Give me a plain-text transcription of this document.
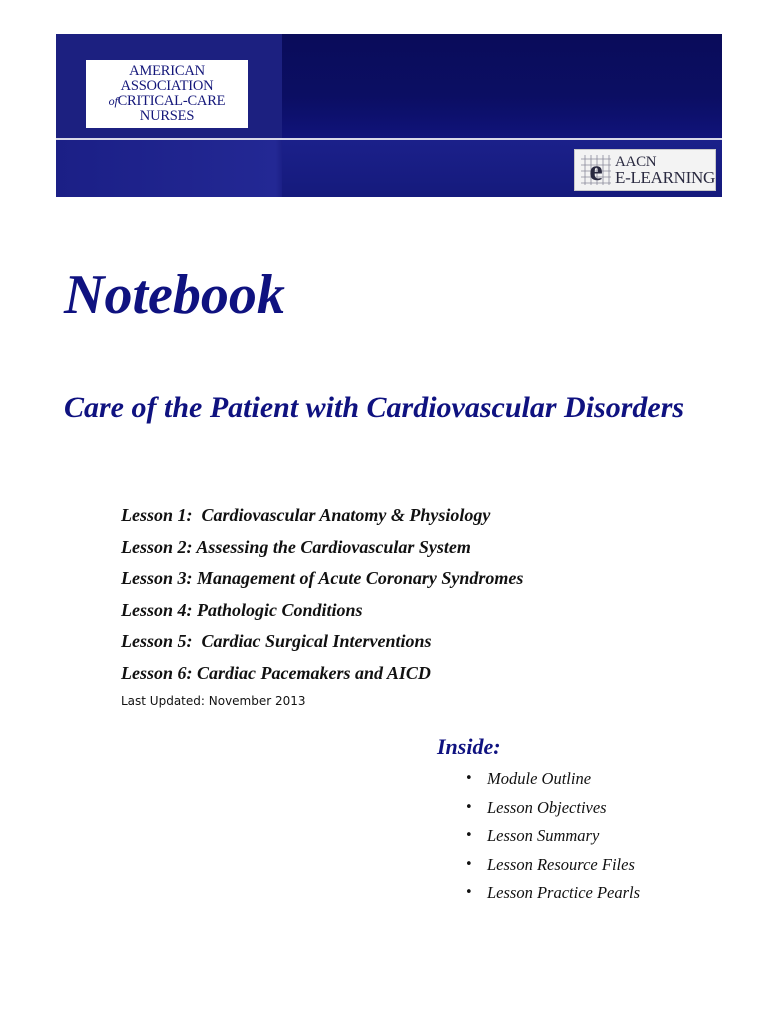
AMERICAN
ASSOCIATION
ofCRITICAL-CARE
NURSES
e AACN
E-LEARNING
Notebook
Care of the Patient with Cardiovascular Disorders
Lesson 1:  Cardiovascular Anatomy & Physiology
Lesson 2: Assessing the Cardiovascular System
Lesson 3: Management of Acute Coronary Syndromes
Lesson 4: Pathologic Conditions
Lesson 5:  Cardiac Surgical Interventions
Lesson 6: Cardiac Pacemakers and AICD
Last Updated: November 2013
Inside:
• Module Outline
• Lesson Objectives
• Lesson Summary
• Lesson Resource Files
• Lesson Practice Pearls
